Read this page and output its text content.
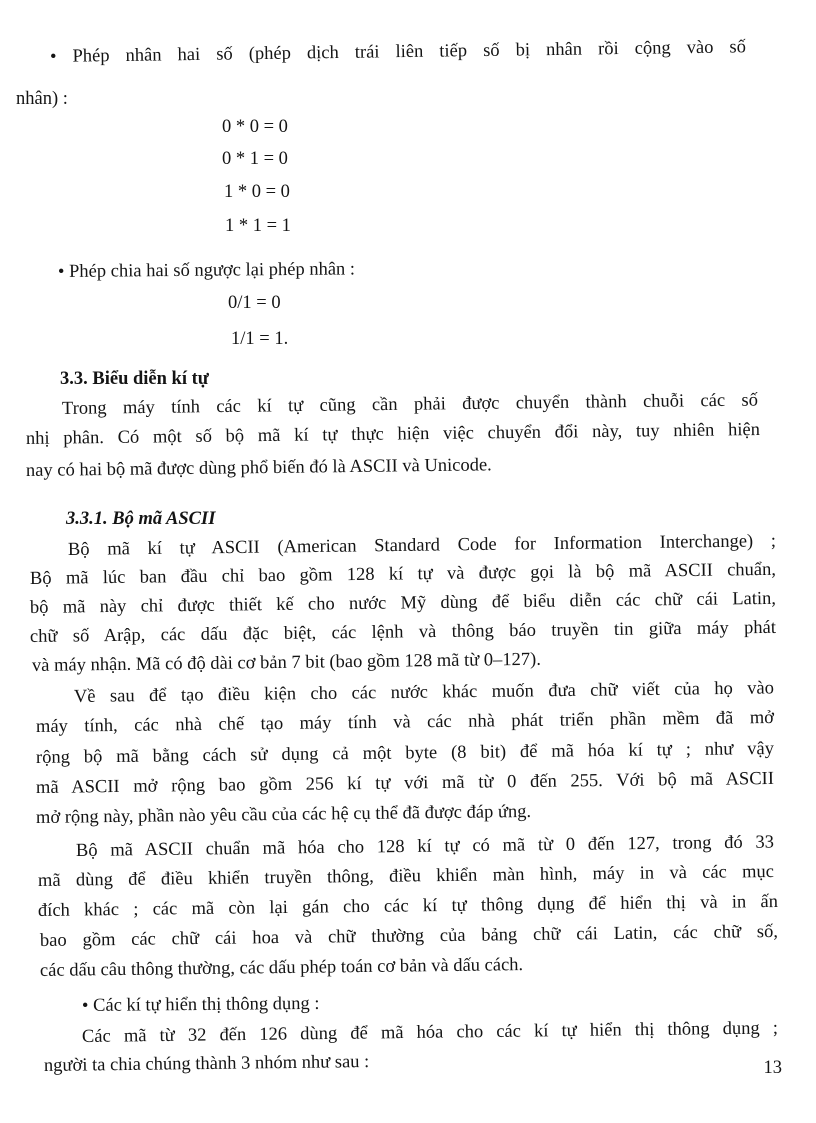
• Phép nhân hai số (phép dịch trái liên tiếp số bị nhân rồi cộng vào số
nhân) :
0 * 0 = 0
0 * 1 = 0
1 * 0 = 0
1 * 1 = 1
• Phép chia hai số ngược lại phép nhân :
0/1 = 0
1/1 = 1.
3.3. Biểu diễn kí tự
Trong máy tính các kí tự cũng cần phải được chuyển thành chuỗi các số
nhị phân. Có một số bộ mã kí tự thực hiện việc chuyển đổi này, tuy nhiên hiện
nay có hai bộ mã được dùng phổ biến đó là ASCII và Unicode.
3.3.1. Bộ mã ASCII
Bộ mã kí tự ASCII (American Standard Code for Information Interchange) ;
Bộ mã lúc ban đầu chỉ bao gồm 128 kí tự và được gọi là bộ mã ASCII chuẩn,
bộ mã này chỉ được thiết kế cho nước Mỹ dùng để biểu diễn các chữ cái Latin,
chữ số Arập, các dấu đặc biệt, các lệnh và thông báo truyền tin giữa máy phát
và máy nhận. Mã có độ dài cơ bản 7 bit (bao gồm 128 mã từ 0–127).
Về sau để tạo điều kiện cho các nước khác muốn đưa chữ viết của họ vào
máy tính, các nhà chế tạo máy tính và các nhà phát triển phần mềm đã mở
rộng bộ mã bằng cách sử dụng cả một byte (8 bit) để mã hóa kí tự ; như vậy
mã ASCII mở rộng bao gồm 256 kí tự với mã từ 0 đến 255. Với bộ mã ASCII
mở rộng này, phần nào yêu cầu của các hệ cụ thể đã được đáp ứng.
Bộ mã ASCII chuẩn mã hóa cho 128 kí tự có mã từ 0 đến 127, trong đó 33
mã dùng để điều khiển truyền thông, điều khiển màn hình, máy in và các mục
đích khác ; các mã còn lại gán cho các kí tự thông dụng để hiển thị và in ấn
bao gồm các chữ cái hoa và chữ thường của bảng chữ cái Latin, các chữ số,
các dấu câu thông thường, các dấu phép toán cơ bản và dấu cách.
• Các kí tự hiển thị thông dụng :
Các mã từ 32 đến 126 dùng để mã hóa cho các kí tự hiển thị thông dụng ;
người ta chia chúng thành 3 nhóm như sau :	13
